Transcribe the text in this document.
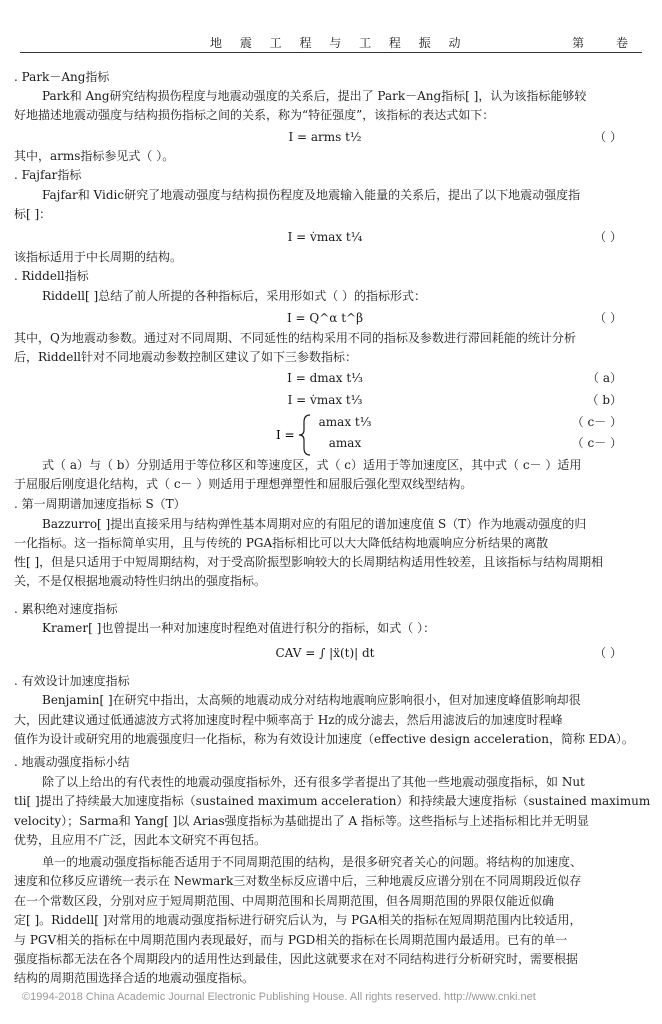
地 震 工 程 与 工 程 振 动	第 卷
. Park－Ang指标
Park和 Ang研究结构损伤程度与地震动强度的关系后，提出了 Park－Ang指标[ ]，认为该指标能够较
好地描述地震动强度与结构损伤指标之间的关系，称为“特征强度”，该指标的表达式如下：
I = arms t½	（ ）
其中，arms指标参见式（ ）。
. Fajfar指标
Fajfar和 Vidic研究了地震动强度与结构损伤程度及地震输入能量的关系后，提出了以下地震动强度指
标[ ]：
I = v̇max t¼	（ ）
该指标适用于中长周期的结构。
. Riddell指标
Riddell[ ]总结了前人所提的各种指标后，采用形如式（ ）的指标形式：
I = Q^α t^β	（ ）
其中，Q为地震动参数。通过对不同周期、不同延性的结构采用不同的指标及参数进行滞回耗能的统计分析
后，Riddell针对不同地震动参数控制区建议了如下三参数指标：
I = dmax t⅓	（ a）
I = v̇max t⅓	（ b）
I =
amax t⅓	（ c－ ）
amax	（ c－ ）
式（ a）与（ b）分别适用于等位移区和等速度区，式（ c）适用于等加速度区，其中式（ c－ ）适用
于屈服后刚度退化结构，式（ c－ ）则适用于理想弹塑性和屈服后强化型双线型结构。
. 第一周期谱加速度指标 S（T）
Bazzurro[ ]提出直接采用与结构弹性基本周期对应的有阻尼的谱加速度值 S（T）作为地震动强度的归
一化指标。这一指标简单实用，且与传统的 PGA指标相比可以大大降低结构地震响应分析结果的离散
性[ ]，但是只适用于中短周期结构，对于受高阶振型影响较大的长周期结构适用性较差，且该指标与结构周期相
关，不是仅根据地震动特性归纳出的强度指标。
. 累积绝对速度指标
Kramer[ ]也曾提出一种对加速度时程绝对值进行积分的指标，如式（ ）：
CAV = ∫ |ẍ(t)| dt	（ ）
. 有效设计加速度指标
Benjamin[ ]在研究中指出，太高频的地震动成分对结构地震响应影响很小，但对加速度峰值影响却很
大，因此建议通过低通滤波方式将加速度时程中频率高于 Hz的成分滤去，然后用滤波后的加速度时程峰
值作为设计或研究用的地震强度归一化指标，称为有效设计加速度（effective design acceleration，简称 EDA）。
. 地震动强度指标小结
除了以上给出的有代表性的地震动强度指标外，还有很多学者提出了其他一些地震动强度指标，如 Nut
tli[ ]提出了持续最大加速度指标（sustained maximum acceleration）和持续最大速度指标（sustained maximum
velocity）；Sarma和 Yang[ ]以 Arias强度指标为基础提出了 A 指标等。这些指标与上述指标相比并无明显
优势，且应用不广泛，因此本文研究不再包括。
单一的地震动强度指标能否适用于不同周期范围的结构，是很多研究者关心的问题。将结构的加速度、
速度和位移反应谱统一表示在 Newmark三对数坐标反应谱中后，三种地震反应谱分别在不同周期段近似存
在一个常数区段，分别对应于短周期范围、中周期范围和长周期范围，但各周期范围的界限仅能近似确
定[ ]。Riddell[ ]对常用的地震动强度指标进行研究后认为，与 PGA相关的指标在短周期范围内比较适用，
与 PGV相关的指标在中周期范围内表现最好，而与 PGD相关的指标在长周期范围内最适用。已有的单一
强度指标都无法在各个周期段内的适用性达到最佳，因此这就要求在对不同结构进行分析研究时，需要根据
结构的周期范围选择合适的地震动强度指标。
©1994-2018 China Academic Journal Electronic Publishing House. All rights reserved. http://www.cnki.net
